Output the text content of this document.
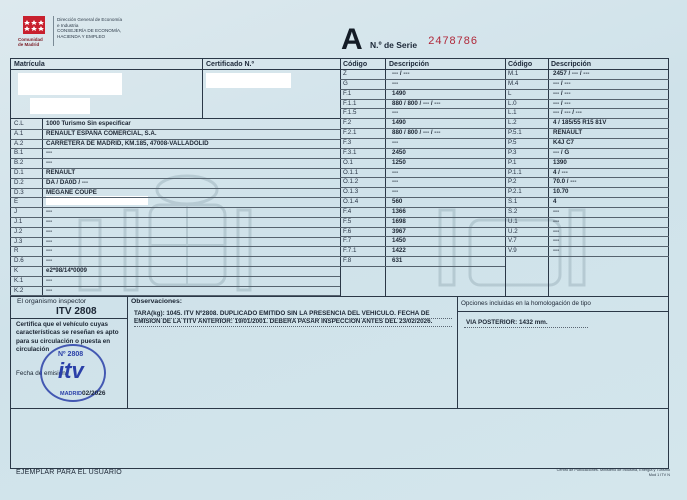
Comunidad
de Madrid
Dirección General de Economía
e Industria
CONSEJERÍA DE ECONOMÍA,
HACIENDA Y EMPLEO	A N.º de Serie 2478786
Matrícula	Certificado N.º	Código	Descripción	Código	Descripción
C.L	1000 Turismo Sin especificar
A.1	RENAULT ESPAÑA COMERCIAL, S.A.
A.2	CARRETERA DE MADRID, KM.185, 47008-VALLADOLID
B.1	---
B.2	---
D.1	RENAULT
D.2	DA / DA0D / ---
D.3	MEGANE COUPE
E
J	---
J.1	---
J.2	---
J.3	---
R	---
D.6	---
K	e2*98/14*0009
K.1	---
K.2	---
Z	--- / ---
G	---
F.1	1490
F.1.1	880 / 800 / --- / ---
F.1.5	---
F.2	1490
F.2.1	880 / 800 / --- / ---
F.3	---
F.3.1	2450
O.1	1250
O.1.1	---
O.1.2	---
O.1.3	---
O.1.4	560
F.4	1366
F.5	1698
F.6	3967
F.7	1450
F.7.1	1422
F.8	631
M.1	2457 / --- / ---
M.4	--- / ---
L	--- / ---
L.0	--- / ---
L.1	--- / --- / ---
L.2	4 / 185/55 R15 81V
P.5.1	RENAULT
P.5	K4J C7
P.3	--- / G
P.1	1390
P.1.1	4 / ---
P.2	70.0 / ---
P.2.1	10.70
S.1	4
S.2	---
U.1	---
U.2	---
V.7	---
V.9	---
El organismo inspector
ITV 2808
Certifica que el vehículo cuyas características se reseñan es apto para su circulación o puesta en circulación
Fecha de emisión
Nº 2808
itv
MADRID 02/2026
Observaciones:
TARA(kg): 1045. ITV Nº2808. DUPLICADO EMITIDO SIN LA PRESENCIA DEL VEHICULO. FECHA DE EMISION DE LA TITV ANTERIOR: 19/01/2001. DEBERA PASAR INSPECCION ANTES DEL 23/02/2026.
Opciones incluidas en la homologación de tipo
VIA POSTERIOR: 1432 mm.
EJEMPLAR PARA EL USUARIO	Centro de Publicaciones. Ministerio de Industria, Energía y Turismo
Mod 1 ITV N
